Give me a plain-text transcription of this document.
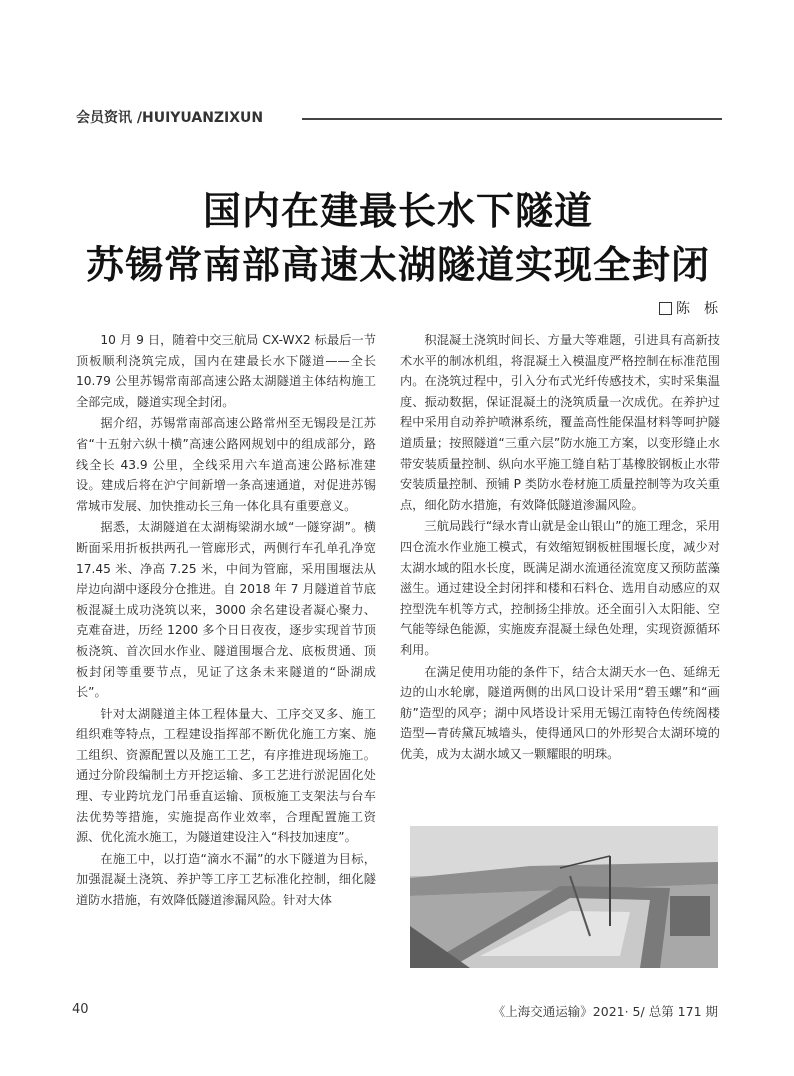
会员资讯 /HUIYUANZIXUN
国内在建最长水下隧道
苏锡常南部高速太湖隧道实现全封闭
陈　栎

10 月 9 日，随着中交三航局 CX-WX2 标最后一节顶板顺利浇筑完成，国内在建最长水下隧道——全长 10.79 公里苏锡常南部高速公路太湖隧道主体结构施工全部完成，隧道实现全封闭。

据介绍，苏锡常南部高速公路常州至无锡段是江苏省“十五射六纵十横”高速公路网规划中的组成部分，路线全长 43.9 公里，全线采用六车道高速公路标准建设。建成后将在沪宁间新增一条高速通道，对促进苏锡常城市发展、加快推动长三角一体化具有重要意义。

据悉，太湖隧道在太湖梅梁湖水域“一隧穿湖”。横断面采用折板拱两孔一管廊形式，两侧行车孔单孔净宽 17.45 米、净高 7.25 米，中间为管廊，采用围堰法从岸边向湖中逐段分仓推进。自 2018 年 7 月隧道首节底板混凝土成功浇筑以来，3000 余名建设者凝心聚力、克难奋进，历经 1200 多个日日夜夜，逐步实现首节顶板浇筑、首次回水作业、隧道围堰合龙、底板贯通、顶板封闭等重要节点，见证了这条未来隧道的“卧湖成长”。

针对太湖隧道主体工程体量大、工序交叉多、施工组织难等特点，工程建设指挥部不断优化施工方案、施工组织、资源配置以及施工工艺，有序推进现场施工。通过分阶段编制土方开挖运输、多工艺进行淤泥固化处理、专业跨坑龙门吊垂直运输、顶板施工支架法与台车法优势等措施，实施提高作业效率，合理配置施工资源、优化流水施工，为隧道建设注入“科技加速度”。

在施工中，以打造“滴水不漏”的水下隧道为目标，加强混凝土浇筑、养护等工序工艺标准化控制，细化隧道防水措施，有效降低隧道渗漏风险。针对大体

积混凝土浇筑时间长、方量大等难题，引进具有高新技术水平的制冰机组，将混凝土入模温度严格控制在标准范围内。在浇筑过程中，引入分布式光纤传感技术，实时采集温度、振动数据，保证混凝土的浇筑质量一次成优。在养护过程中采用自动养护喷淋系统，覆盖高性能保温材料等呵护隧道质量；按照隧道“三重六层”防水施工方案，以变形缝止水带安装质量控制、纵向水平施工缝自粘丁基橡胶钢板止水带安装质量控制、预铺 P 类防水卷材施工质量控制等为攻关重点，细化防水措施，有效降低隧道渗漏风险。

三航局践行“绿水青山就是金山银山”的施工理念，采用四仓流水作业施工模式，有效缩短钢板桩围堰长度，减少对太湖水域的阻水长度，既满足湖水流通径流宽度又预防蓝藻滋生。通过建设全封闭拌和楼和石料仓、选用自动感应的双控型洗车机等方式，控制扬尘排放。还全面引入太阳能、空气能等绿色能源，实施废弃混凝土绿色处理，实现资源循环利用。

在满足使用功能的条件下，结合太湖天水一色、延绵无边的山水轮廓，隧道两侧的出风口设计采用“碧玉螺”和“画舫”造型的风亭；湖中风塔设计采用无锡江南特色传统阁楼造型—青砖黛瓦城墙头，使得通风口的外形契合太湖环境的优美，成为太湖水域又一颗耀眼的明珠。

40	《上海交通运输》2021· 5/ 总第 171 期
